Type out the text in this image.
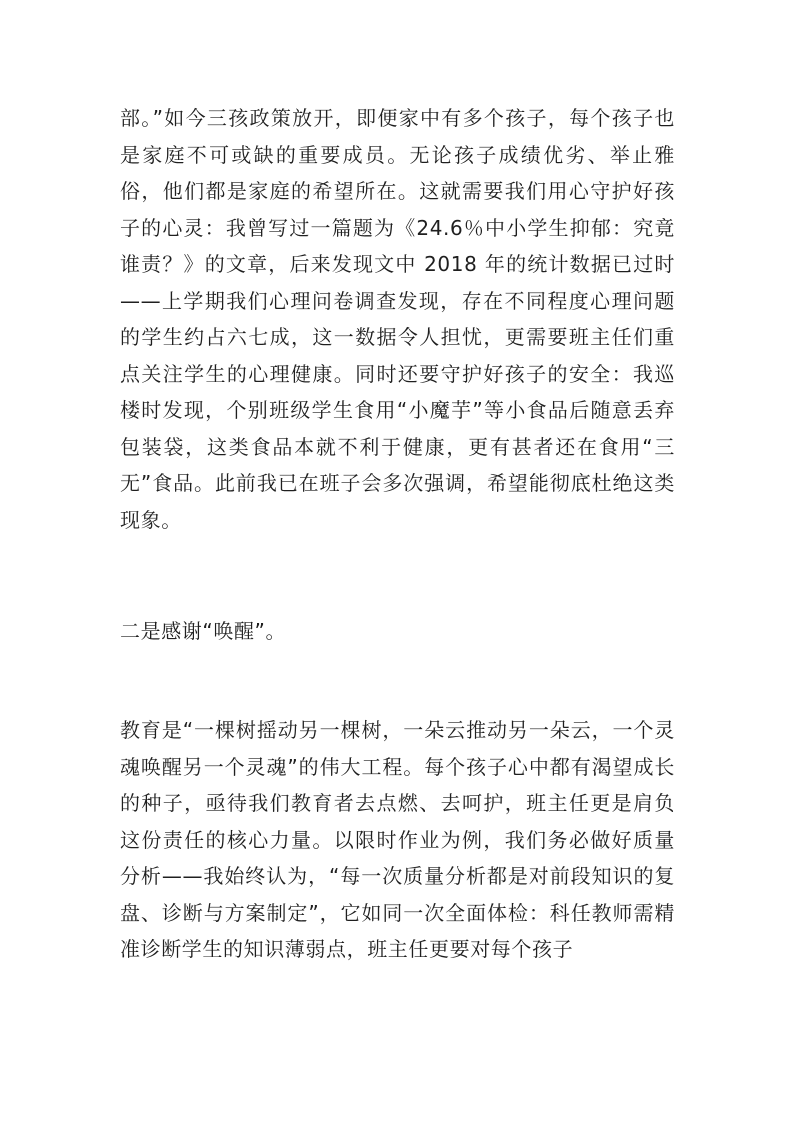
部。”如今三孩政策放开，即便家中有多个孩子，每个孩子也是家庭不可或缺的重要成员。无论孩子成绩优劣、举止雅俗，他们都是家庭的希望所在。这就需要我们用心守护好孩子的心灵：我曾写过一篇题为《24.6％中小学生抑郁：究竟谁责？》的文章，后来发现文中 2018 年的统计数据已过时——上学期我们心理问卷调查发现，存在不同程度心理问题的学生约占六七成，这一数据令人担忧，更需要班主任们重点关注学生的心理健康。同时还要守护好孩子的安全：我巡楼时发现，个别班级学生食用“小魔芋”等小食品后随意丢弃包装袋，这类食品本就不利于健康，更有甚者还在食用“三无”食品。此前我已在班子会多次强调，希望能彻底杜绝这类现象。

二是感谢“唤醒”。

教育是“一棵树摇动另一棵树，一朵云推动另一朵云，一个灵魂唤醒另一个灵魂”的伟大工程。每个孩子心中都有渴望成长的种子，亟待我们教育者去点燃、去呵护，班主任更是肩负这份责任的核心力量。以限时作业为例，我们务必做好质量分析——我始终认为，“每一次质量分析都是对前段知识的复盘、诊断与方案制定”，它如同一次全面体检：科任教师需精准诊断学生的知识薄弱点，班主任更要对每个孩子
